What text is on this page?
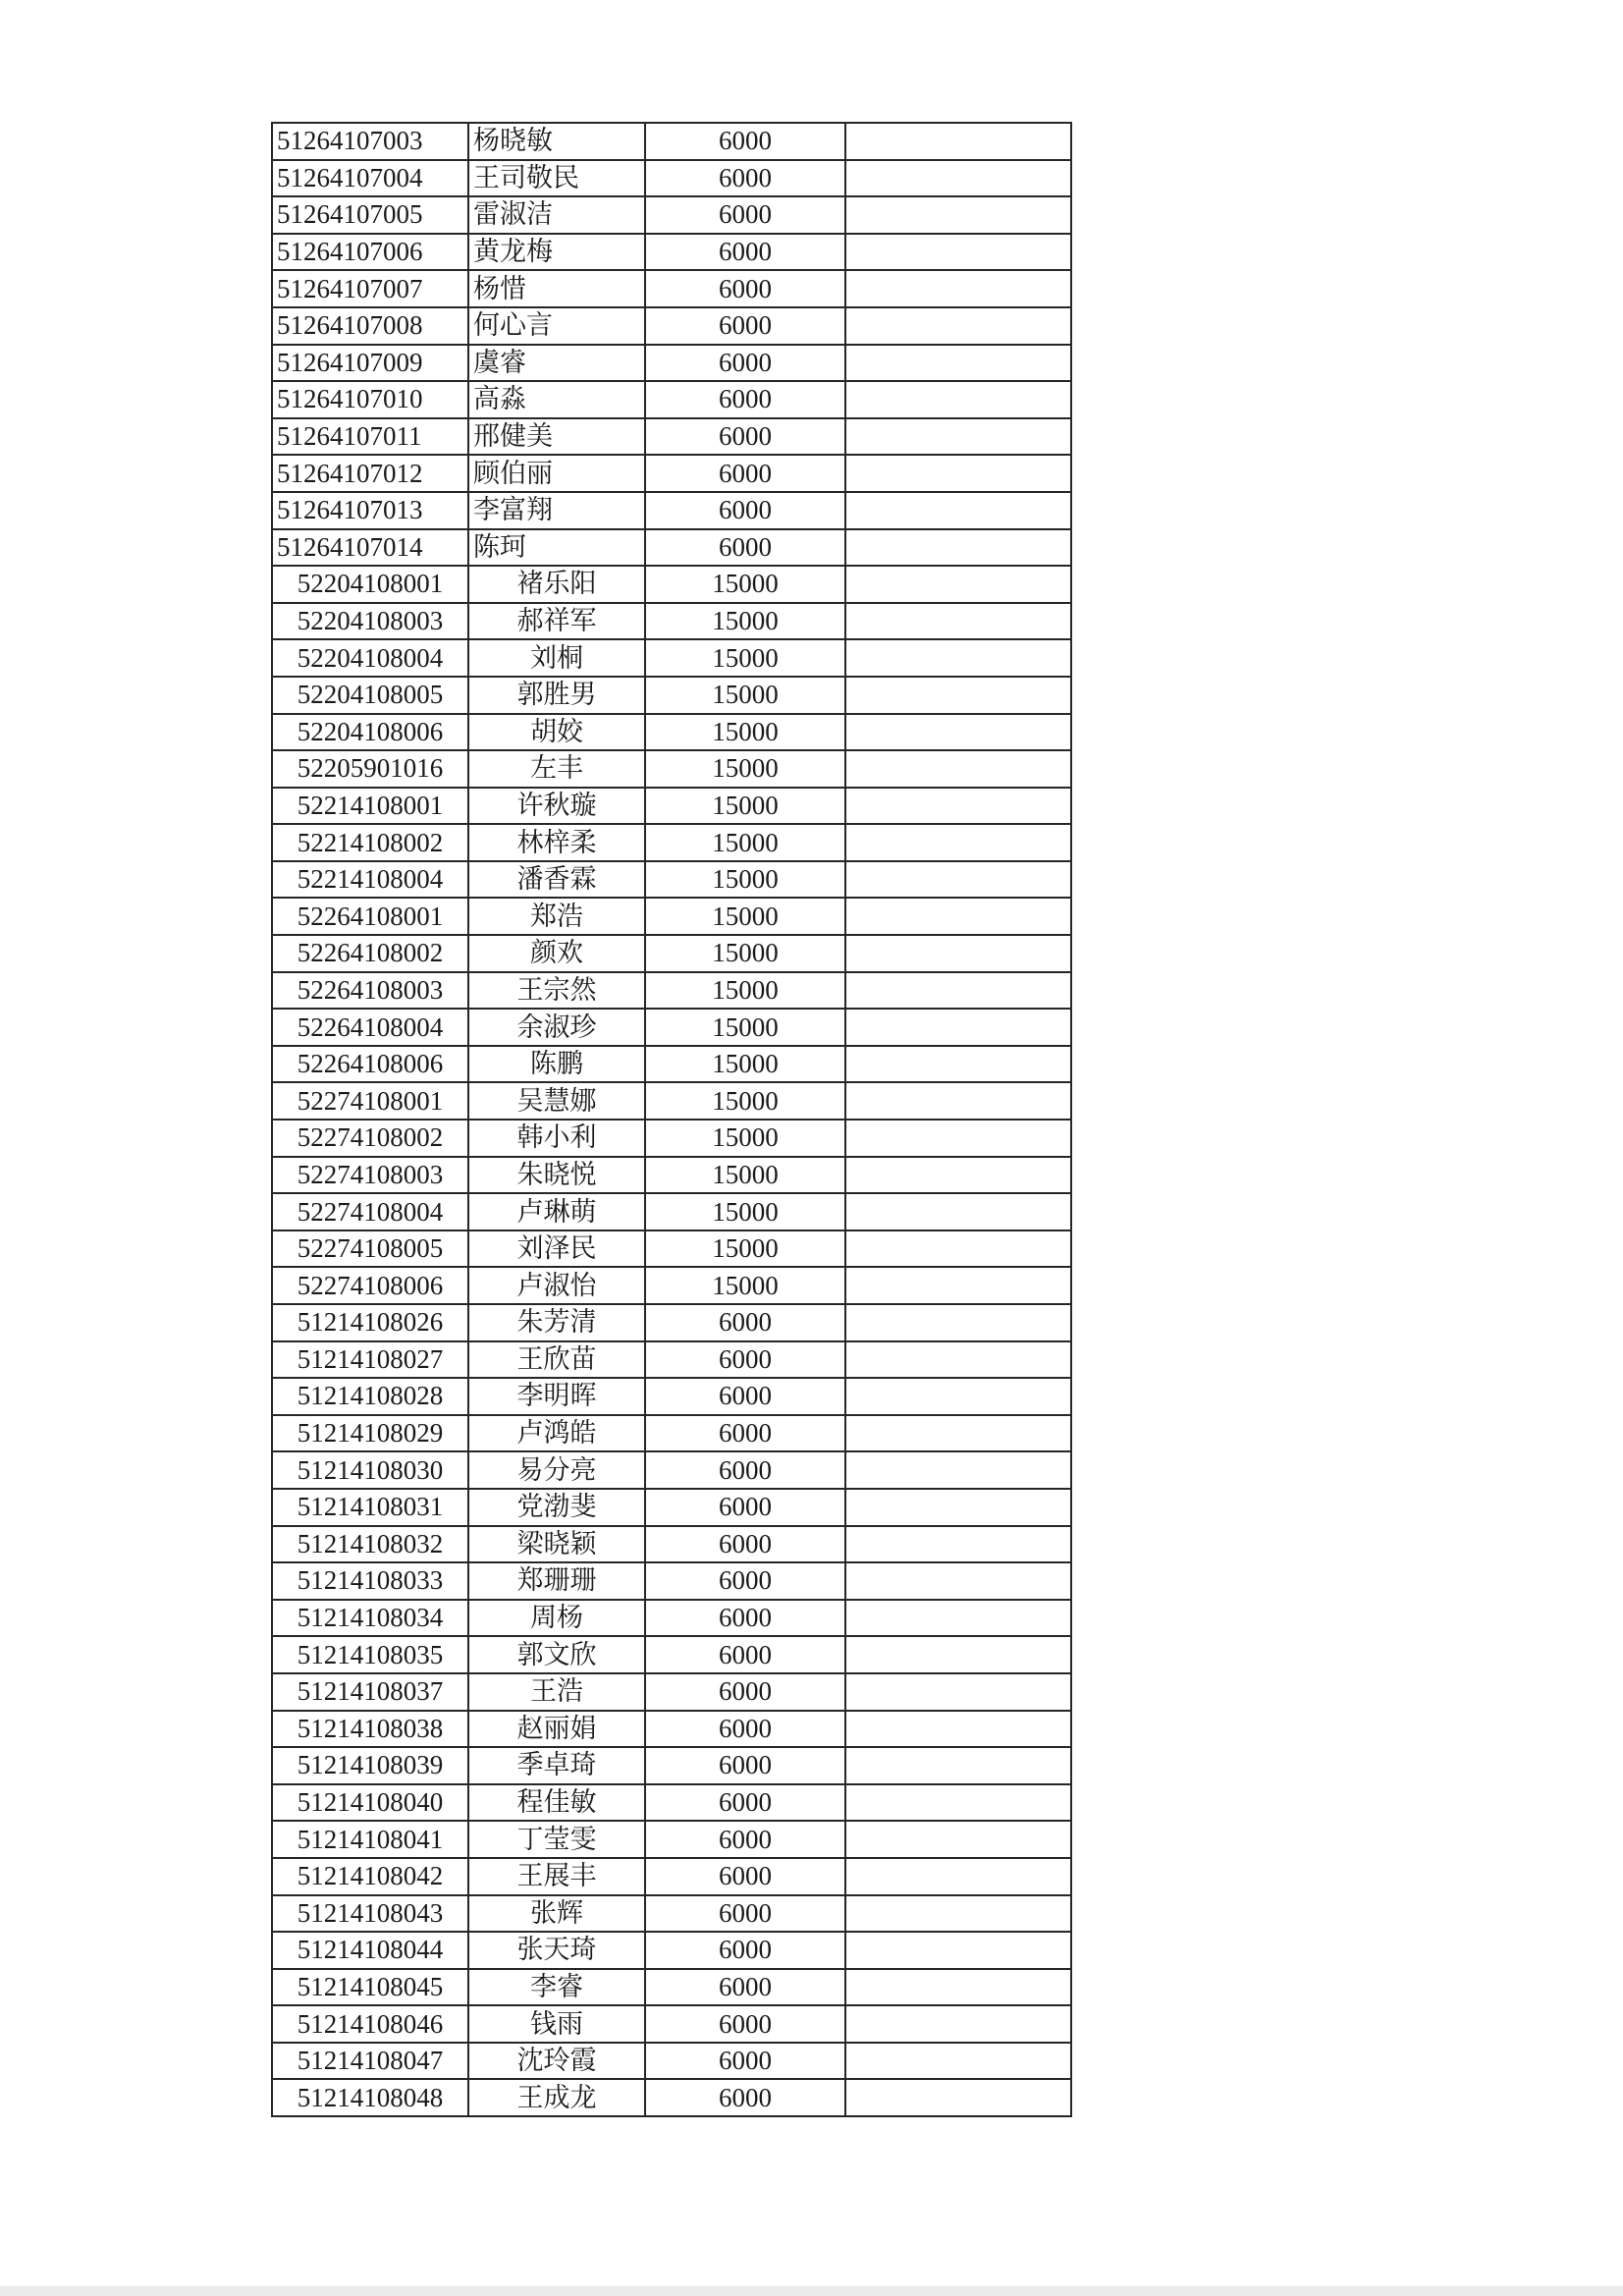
51264107003	杨晓敏	6000	
51264107004	王司敬民	6000	
51264107005	雷淑洁	6000	
51264107006	黄龙梅	6000	
51264107007	杨惜	6000	
51264107008	何心言	6000	
51264107009	虞睿	6000	
51264107010	高淼	6000	
51264107011	邢健美	6000	
51264107012	顾伯丽	6000	
51264107013	李富翔	6000	
51264107014	陈珂	6000	
52204108001	褚乐阳	15000	
52204108003	郝祥军	15000	
52204108004	刘桐	15000	
52204108005	郭胜男	15000	
52204108006	胡姣	15000	
52205901016	左丰	15000	
52214108001	许秋璇	15000	
52214108002	林梓柔	15000	
52214108004	潘香霖	15000	
52264108001	郑浩	15000	
52264108002	颜欢	15000	
52264108003	王宗然	15000	
52264108004	余淑珍	15000	
52264108006	陈鹏	15000	
52274108001	吴慧娜	15000	
52274108002	韩小利	15000	
52274108003	朱晓悦	15000	
52274108004	卢琳萌	15000	
52274108005	刘泽民	15000	
52274108006	卢淑怡	15000	
51214108026	朱芳清	6000	
51214108027	王欣苗	6000	
51214108028	李明晖	6000	
51214108029	卢鸿皓	6000	
51214108030	易分亮	6000	
51214108031	党渤斐	6000	
51214108032	梁晓颖	6000	
51214108033	郑珊珊	6000	
51214108034	周杨	6000	
51214108035	郭文欣	6000	
51214108037	王浩	6000	
51214108038	赵丽娟	6000	
51214108039	季卓琦	6000	
51214108040	程佳敏	6000	
51214108041	丁莹雯	6000	
51214108042	王展丰	6000	
51214108043	张辉	6000	
51214108044	张天琦	6000	
51214108045	李睿	6000	
51214108046	钱雨	6000	
51214108047	沈玲霞	6000	
51214108048	王成龙	6000	
